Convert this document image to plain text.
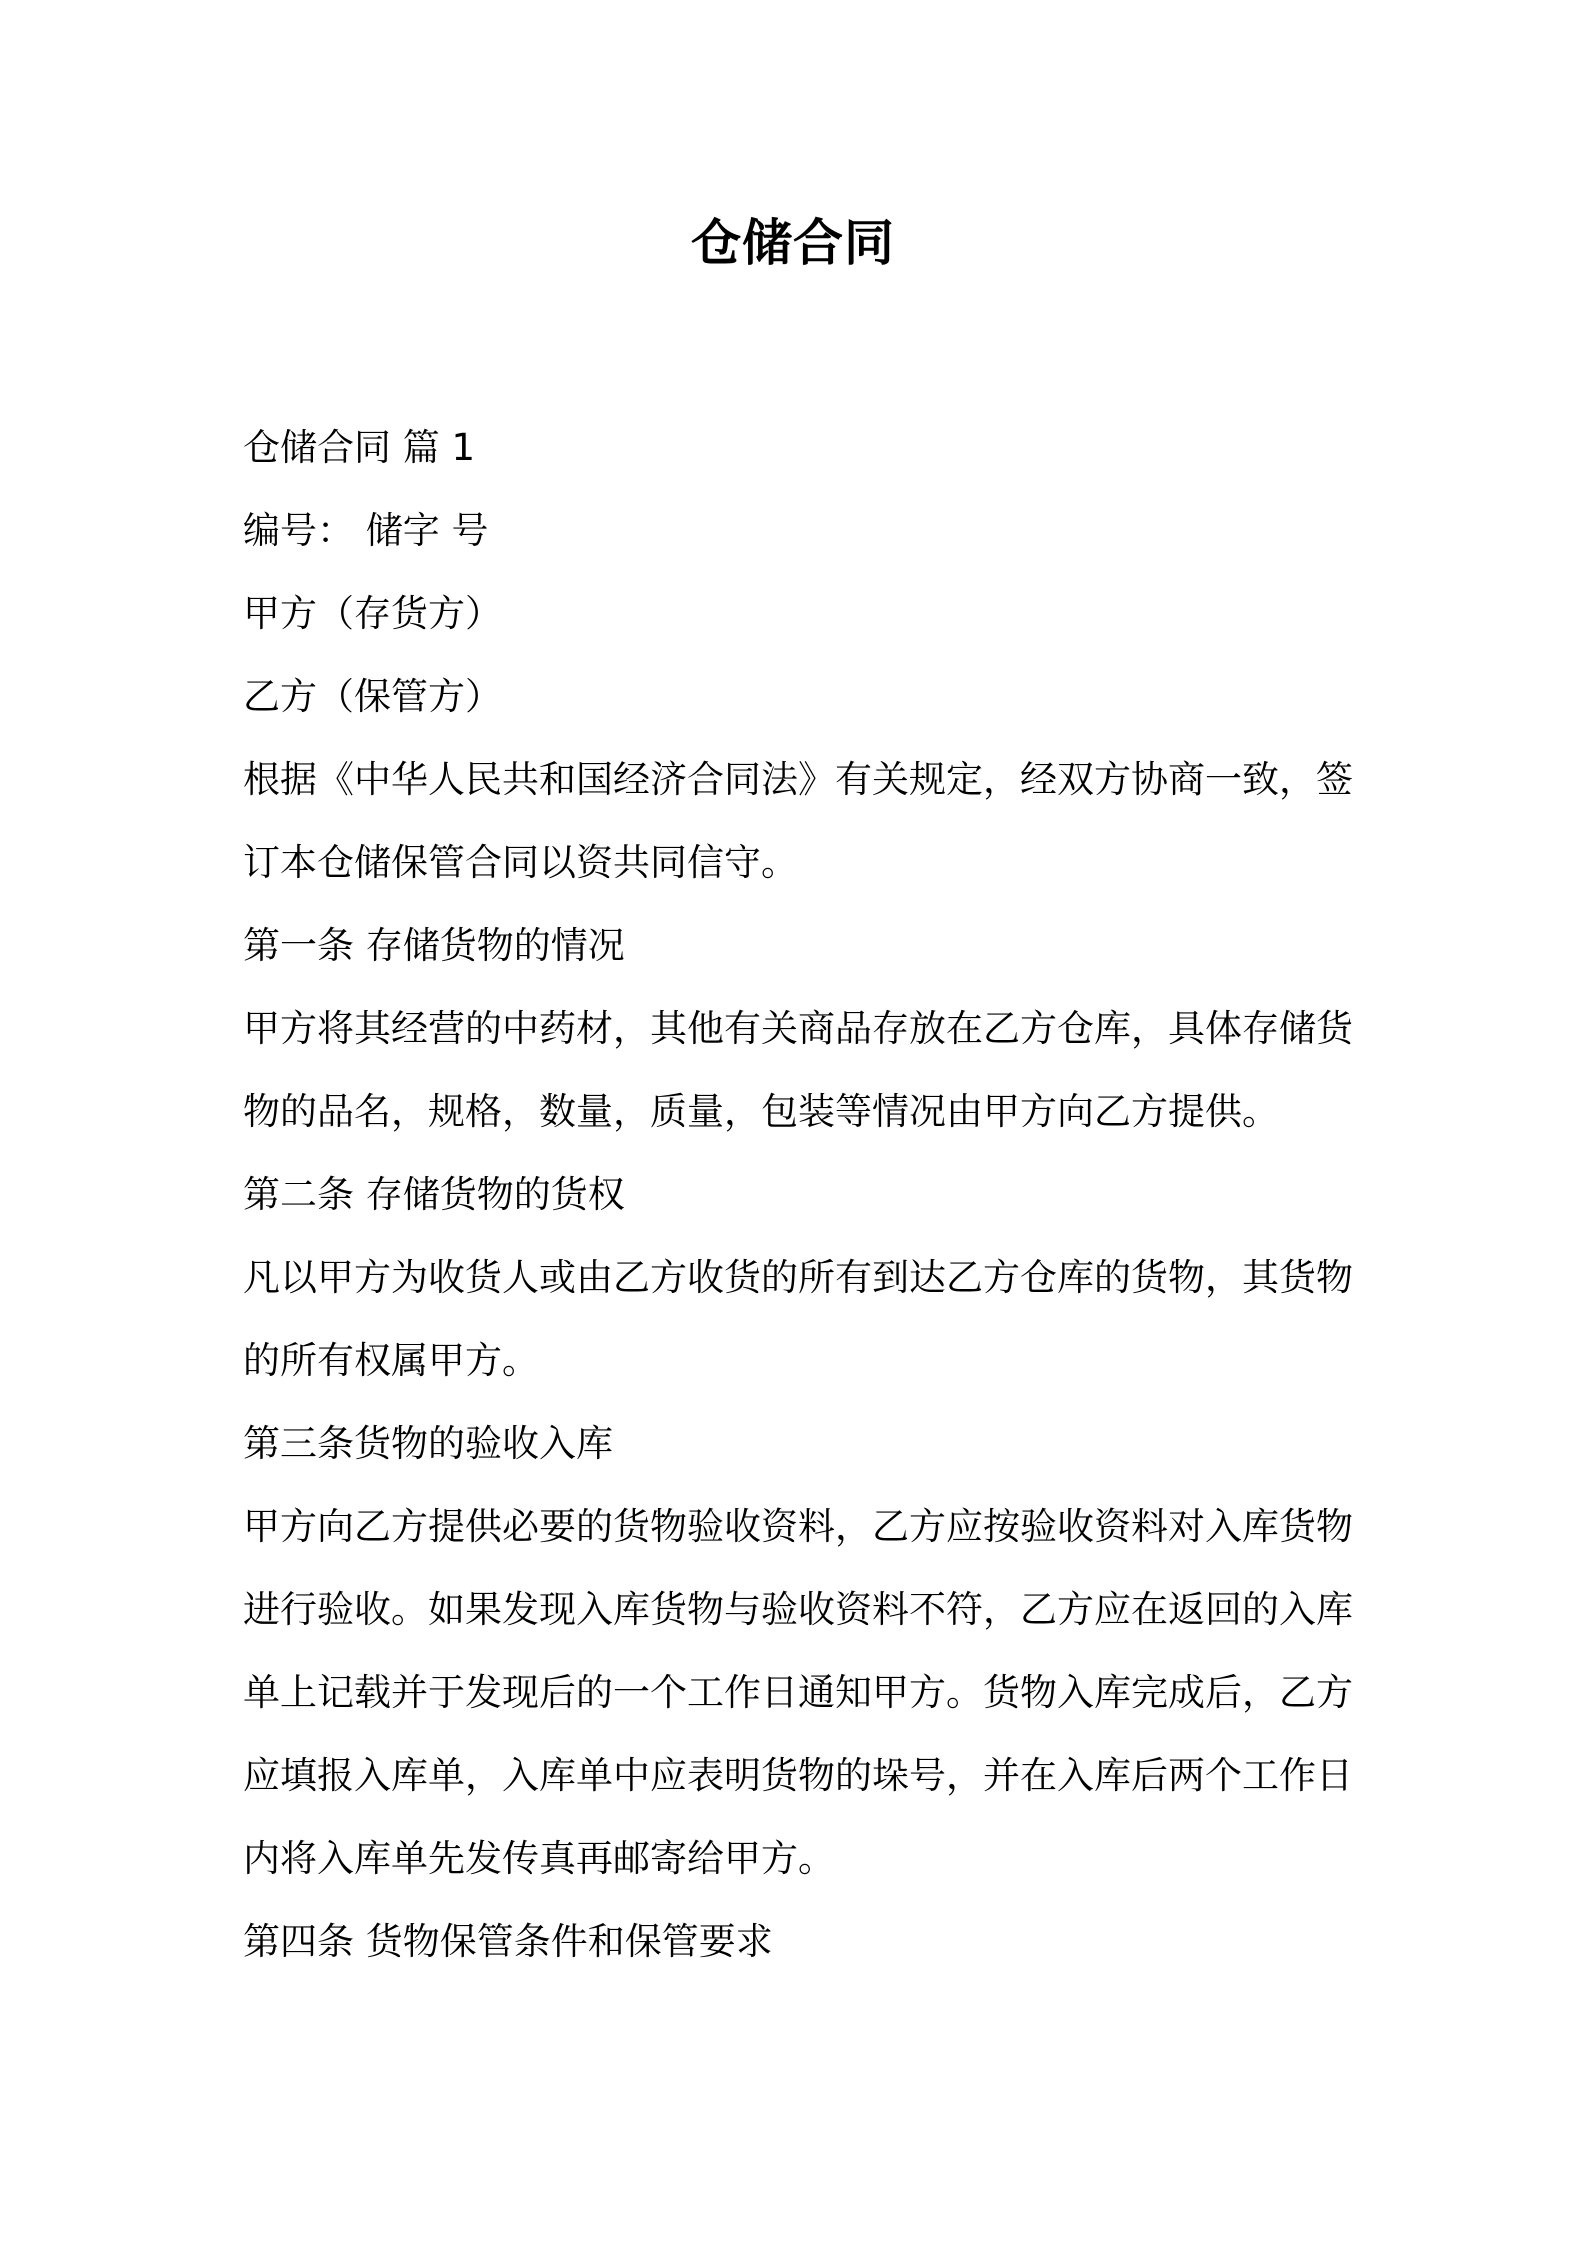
仓储合同
仓储合同 篇 1
编号： 储字 号
甲方（存货方）
乙方（保管方）
根据《中华人民共和国经济合同法》有关规定，经双方协商一致，签
订本仓储保管合同以资共同信守。
第一条 存储货物的情况
甲方将其经营的中药材，其他有关商品存放在乙方仓库，具体存储货
物的品名，规格，数量，质量，包装等情况由甲方向乙方提供。
第二条 存储货物的货权
凡以甲方为收货人或由乙方收货的所有到达乙方仓库的货物，其货物
的所有权属甲方。
第三条货物的验收入库
甲方向乙方提供必要的货物验收资料，乙方应按验收资料对入库货物
进行验收。如果发现入库货物与验收资料不符，乙方应在返回的入库
单上记载并于发现后的一个工作日通知甲方。货物入库完成后，乙方
应填报入库单，入库单中应表明货物的垛号，并在入库后两个工作日
内将入库单先发传真再邮寄给甲方。
第四条 货物保管条件和保管要求
